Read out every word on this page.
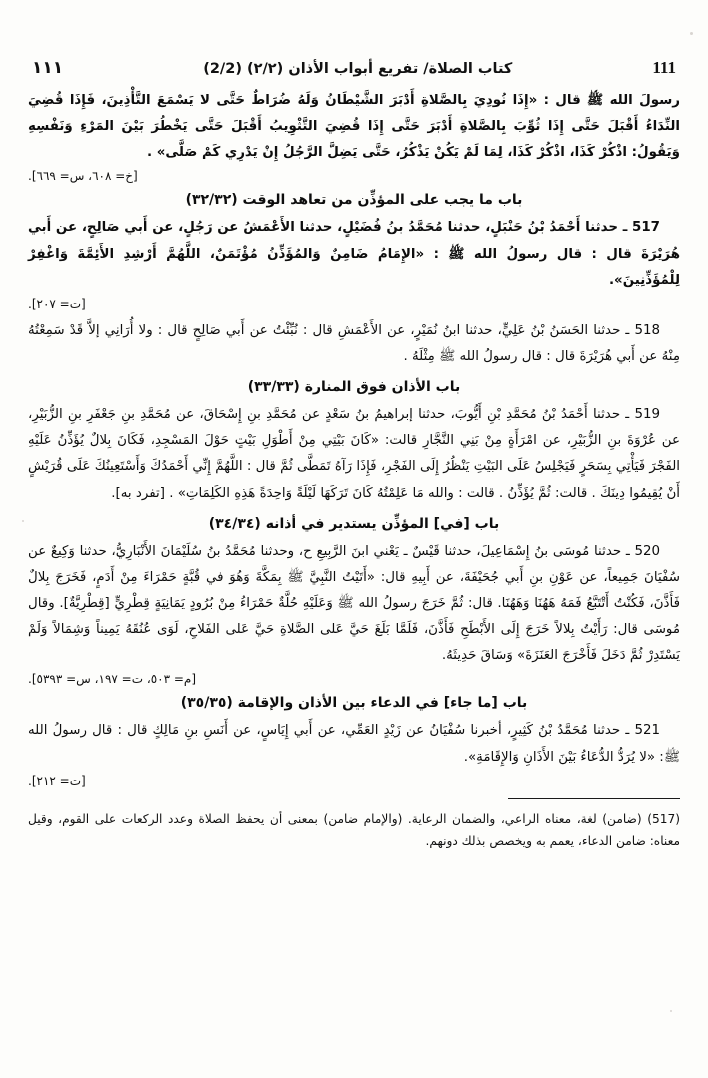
111
كتاب الصلاة/ تفريع أبواب الأذان (٢/٢) (2/2)
١١١

رسولَ الله ﷺ قال : «إِذَا نُودِيَ بِالصَّلاةِ أَدْبَرَ الشَّيْطَانُ وَلَهُ ضُرَاطٌ حَتَّى لا يَسْمَعَ التَّأْذِينَ، فَإِذَا قُضِيَ النِّدَاءُ أَقْبَلَ حَتَّى إِذَا ثُوِّبَ بِالصَّلاةِ أَدْبَرَ حَتَّى إِذَا قُضِيَ التَّثْوِيبُ أَقْبَلَ حَتَّى يَخْطُرَ بَيْنَ المَرْءِ وَنَفْسِهِ وَيَقُولُ: اذْكُرْ كَذَا، اذْكُرْ كَذَا، لِمَا لَمْ يَكُنْ يَذْكُرُ، حَتَّى يَضِلَّ الرَّجُلُ إِنْ يَدْرِي كَمْ صَلَّى» .

[خ= ٦٠٨، س= ٦٦٩].
باب ما يجب على المؤذِّن من تعاهد الوقت (٣٢/٣٢)

517 ـ حدثنا أَحْمَدُ بْنُ حَنْبَلٍ، حدثنا مُحَمَّدُ بنُ فُضَيْلٍ، حدثنا الأَعْمَشُ عن رَجُلٍ، عن أَبي صَالِحٍ، عن أَبي هُرَيْرَةَ قال : قال رسولُ الله ﷺ : «الإِمَامُ ضَامِنٌ وَالمُؤَذِّنُ مُؤْتَمَنٌ، اللَّهُمَّ أَرْشِدِ الأَئِمَّةَ وَاغْفِرْ لِلْمُؤَذِّنِينَ».

[ت= ٢٠٧].

518 ـ حدثنا الحَسَنُ بْنُ عَلِيٍّ، حدثنا ابنُ نُمَيْرٍ، عن الأَعْمَشِ قال : نُبِّئْتُ عن أَبي صَالِحٍ قال : ولا أُرَانِي إلاَّ قَدْ سَمِعْتُهُ مِنْهُ عن أَبي هُرَيْرَةَ قال : قال رسولُ الله ﷺ مِثْلَهُ .

باب الأذان فوق المنارة (٣٣/٣٣)

519 ـ حدثنا أَحْمَدُ بْنُ مُحَمَّدِ بْنِ أَيُّوبَ، حدثنا إبراهيمُ بنُ سَعْدٍ عن مُحَمَّدِ بنِ إِسْحَاقَ، عن مُحَمَّدِ بنِ جَعْفَرِ بنِ الزُّبَيْرِ، عن عُرْوَةَ بنِ الزُّبَيْرِ، عن امْرَأَةٍ مِنْ بَنِي النَّجَّارِ قالت: «كَانَ بَيْتِي مِنْ أَطْوَلِ بَيْتٍ حَوْلَ المَسْجِدِ، فَكَانَ بِلالٌ يُؤَذِّنُ عَلَيْهِ الفَجْرَ فَيَأْتِي بِسَحَرٍ فَيَجْلِسُ عَلَى البَيْتِ يَنْظُرُ إِلَى الفَجْرِ، فَإِذَا رَآهُ تَمَطَّى ثُمَّ قال : اللَّهُمَّ إِنِّي أَحْمَدُكَ وَأَسْتَعِينُكَ عَلَى قُرَيْشٍ أَنْ يُقِيمُوا دِينَكَ . قالت: ثُمَّ يُؤَذِّنُ . قالت : والله مَا عَلِمْتُهُ كَانَ تَرَكَهَا لَيْلَةً وَاحِدَةً هَذِهِ الكَلِمَاتِ» . [تفرد به].

باب [في] المؤذِّن يستدير في أذانه (٣٤/٣٤)

520 ـ حدثنا مُوسَى بنُ إِسْمَاعِيلَ، حدثنا قَيْسٌ ـ يَعْني ابنَ الرَّبِيعِ ح، وحدثنا مُحَمَّدُ بنُ سُلَيْمَانَ الأَنْبَارِيُّ، حدثنا وَكِيعٌ عن سُفْيَانَ جَمِيعاً، عن عَوْنِ بنِ أَبي جُحَيْفَةَ، عن أَبِيهِ قال: «أَتَيْتُ النَّبِيَّ ﷺ بِمَكَّةَ وَهُوَ في قُبَّةٍ حَمْرَاءَ مِنْ أَدَمٍ، فَخَرَجَ بِلالٌ فَأَذَّنَ، فَكُنْتُ أَتْتَبَّعُ فَمَهُ هَهُنَا وَهَهُنَا. قال: ثُمَّ خَرَجَ رسولُ الله ﷺ وَعَلَيْهِ حُلَّةٌ حَمْرَاءُ مِنْ بُرُودٍ يَمَانِيَةٍ قِطْرِيٍّ [قِطْرِيَّةٌ]. وقال مُوسَى قال: رَأَيْتُ بِلالاً خَرَجَ إِلَى الأَبْطَحِ فَأَذَّنَ، فَلَمَّا بَلَغَ حَيَّ عَلى الصَّلاةِ حَيَّ عَلى الفَلاحِ، لَوَى عُنُقَهُ يَمِيناً وَشِمَالاً وَلَمْ يَسْتَدِرْ ثُمَّ دَخَلَ فَأَخْرَجَ العَنَزَةَ» وَسَاقَ حَدِيثَهُ.

[م= ٥٠٣، ت= ١٩٧، س= ٥٣٩٣].
باب [ما جاء] في الدعاء بين الأذان والإقامة (٣٥/٣٥)

521 ـ حدثنا مُحَمَّدُ بْنُ كَثِيرٍ، أخبرنا سُفْيَانُ عن زَيْدٍ العَمِّي، عن أَبي إِيَاسٍ، عن أَنَسِ بنِ مَالِكٍ قال : قال رسولُ الله ﷺ: «لا يُرَدُّ الدُّعَاءُ بَيْنَ الأَذَانِ وَالإِقَامَةِ».

[ت= ٢١٢].

(517) (ضامن) لغة، معناه الراعي، والضمان الرعاية. (والإمام ضامن) بمعنى أن يحفظ الصلاة وعدد الركعات على القوم، وقيل معناه: ضامن الدعاء، يعمم به ويخصص بذلك دونهم.
